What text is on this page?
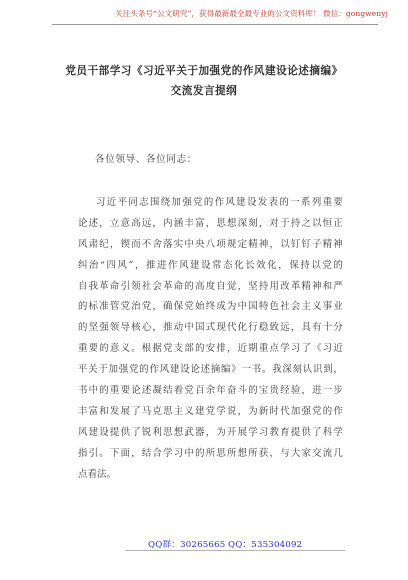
关注头条号“公文研究”，获得最新最全最专业的公文资料库！ 微信：gongwenyj
党员干部学习《习近平关于加强党的作风建设论述摘编》
交流发言提纲
各位领导、各位同志：
习近平同志围绕加强党的作风建设发表的一系列重要
论述，立意高远，内涵丰富，思想深刻，对于持之以恒正
风肃纪，锲而不舍落实中央八项规定精神，以钉钉子精神
纠治“四风”，推进作风建设常态化长效化，保持以党的
自我革命引领社会革命的高度自觉，坚持用改革精神和严
的标准管党治党，确保党始终成为中国特色社会主义事业
的坚强领导核心，推动中国式现代化行稳致远，具有十分
重要的意义。根据党支部的安排，近期重点学习了《习近
平关于加强党的作风建设论述摘编》一书。我深刻认识到，
书中的重要论述凝结着党百余年奋斗的宝贵经验，进一步
丰富和发展了马克思主义建党学说，为新时代加强党的作
风建设提供了锐利思想武器，为开展学习教育提供了科学
指引。下面，结合学习中的所思所想所获，与大家交流几
点看法。
QQ群：30265665 QQ：535304092
